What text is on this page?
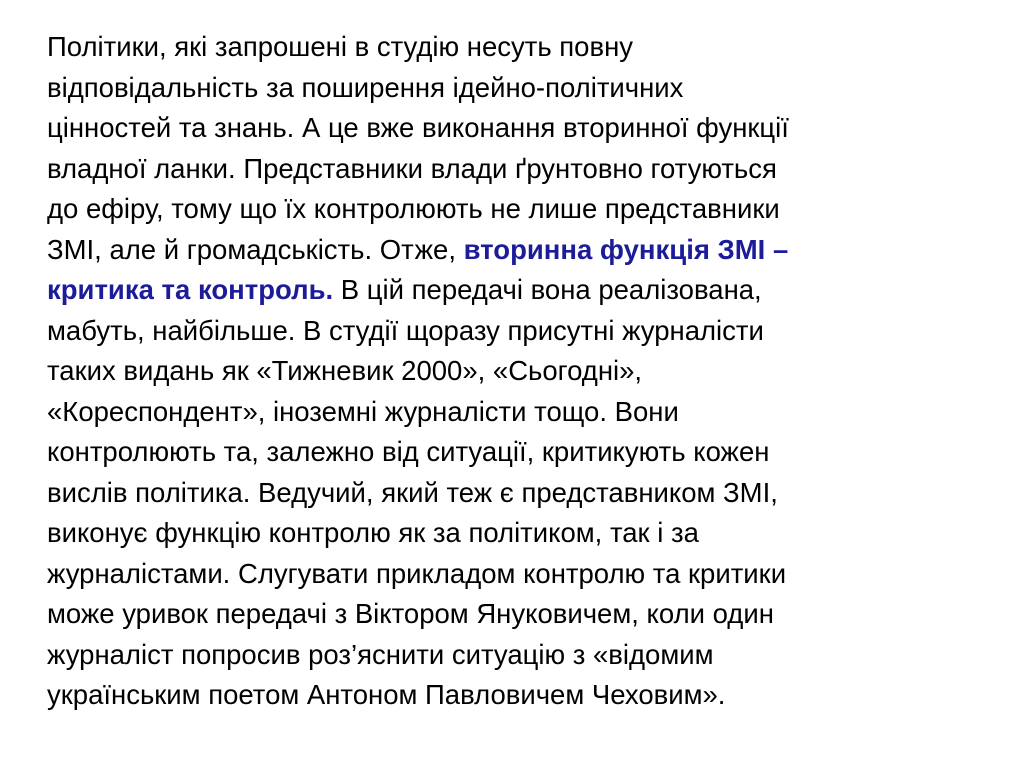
Політики, які запрошені в студію несуть повну
відповідальність за поширення ідейно-політичних
цінностей та знань. А це вже виконання вторинної функції
владної ланки. Представники влади ґрунтовно готуються
до ефіру, тому що їх контролюють не лише представники
ЗМІ, але й громадськість. Отже, вторинна функція ЗМІ –
критика та контроль. В цій передачі вона реалізована,
мабуть, найбільше. В студії щоразу присутні журналісти
таких видань як «Тижневик 2000», «Сьогодні»,
«Кореспондент», іноземні журналісти тощо. Вони
контролюють та, залежно від ситуації, критикують кожен
вислів політика. Ведучий, який теж є представником ЗМІ,
виконує функцію контролю як за політиком, так і за
журналістами. Слугувати прикладом контролю та критики
може уривок передачі з Віктором Януковичем, коли один
журналіст попросив роз’яснити ситуацію з «відомим
українським поетом Антоном Павловичем Чеховим».
